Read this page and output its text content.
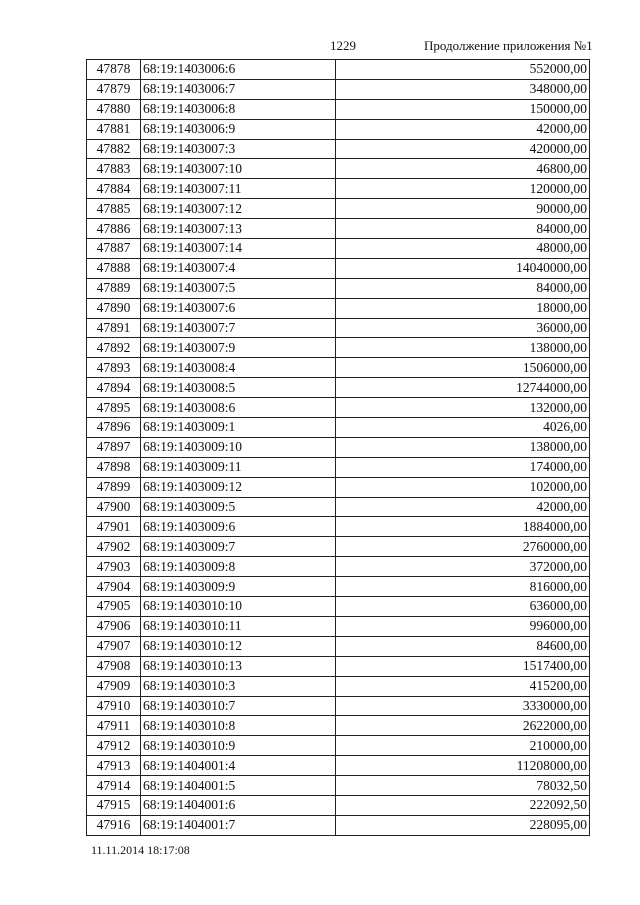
1229	Продолжение приложения №1
47878	68:19:1403006:6	552000,00
47879	68:19:1403006:7	348000,00
47880	68:19:1403006:8	150000,00
47881	68:19:1403006:9	42000,00
47882	68:19:1403007:3	420000,00
47883	68:19:1403007:10	46800,00
47884	68:19:1403007:11	120000,00
47885	68:19:1403007:12	90000,00
47886	68:19:1403007:13	84000,00
47887	68:19:1403007:14	48000,00
47888	68:19:1403007:4	14040000,00
47889	68:19:1403007:5	84000,00
47890	68:19:1403007:6	18000,00
47891	68:19:1403007:7	36000,00
47892	68:19:1403007:9	138000,00
47893	68:19:1403008:4	1506000,00
47894	68:19:1403008:5	12744000,00
47895	68:19:1403008:6	132000,00
47896	68:19:1403009:1	4026,00
47897	68:19:1403009:10	138000,00
47898	68:19:1403009:11	174000,00
47899	68:19:1403009:12	102000,00
47900	68:19:1403009:5	42000,00
47901	68:19:1403009:6	1884000,00
47902	68:19:1403009:7	2760000,00
47903	68:19:1403009:8	372000,00
47904	68:19:1403009:9	816000,00
47905	68:19:1403010:10	636000,00
47906	68:19:1403010:11	996000,00
47907	68:19:1403010:12	84600,00
47908	68:19:1403010:13	1517400,00
47909	68:19:1403010:3	415200,00
47910	68:19:1403010:7	3330000,00
47911	68:19:1403010:8	2622000,00
47912	68:19:1403010:9	210000,00
47913	68:19:1404001:4	11208000,00
47914	68:19:1404001:5	78032,50
47915	68:19:1404001:6	222092,50
47916	68:19:1404001:7	228095,00
11.11.2014 18:17:08
